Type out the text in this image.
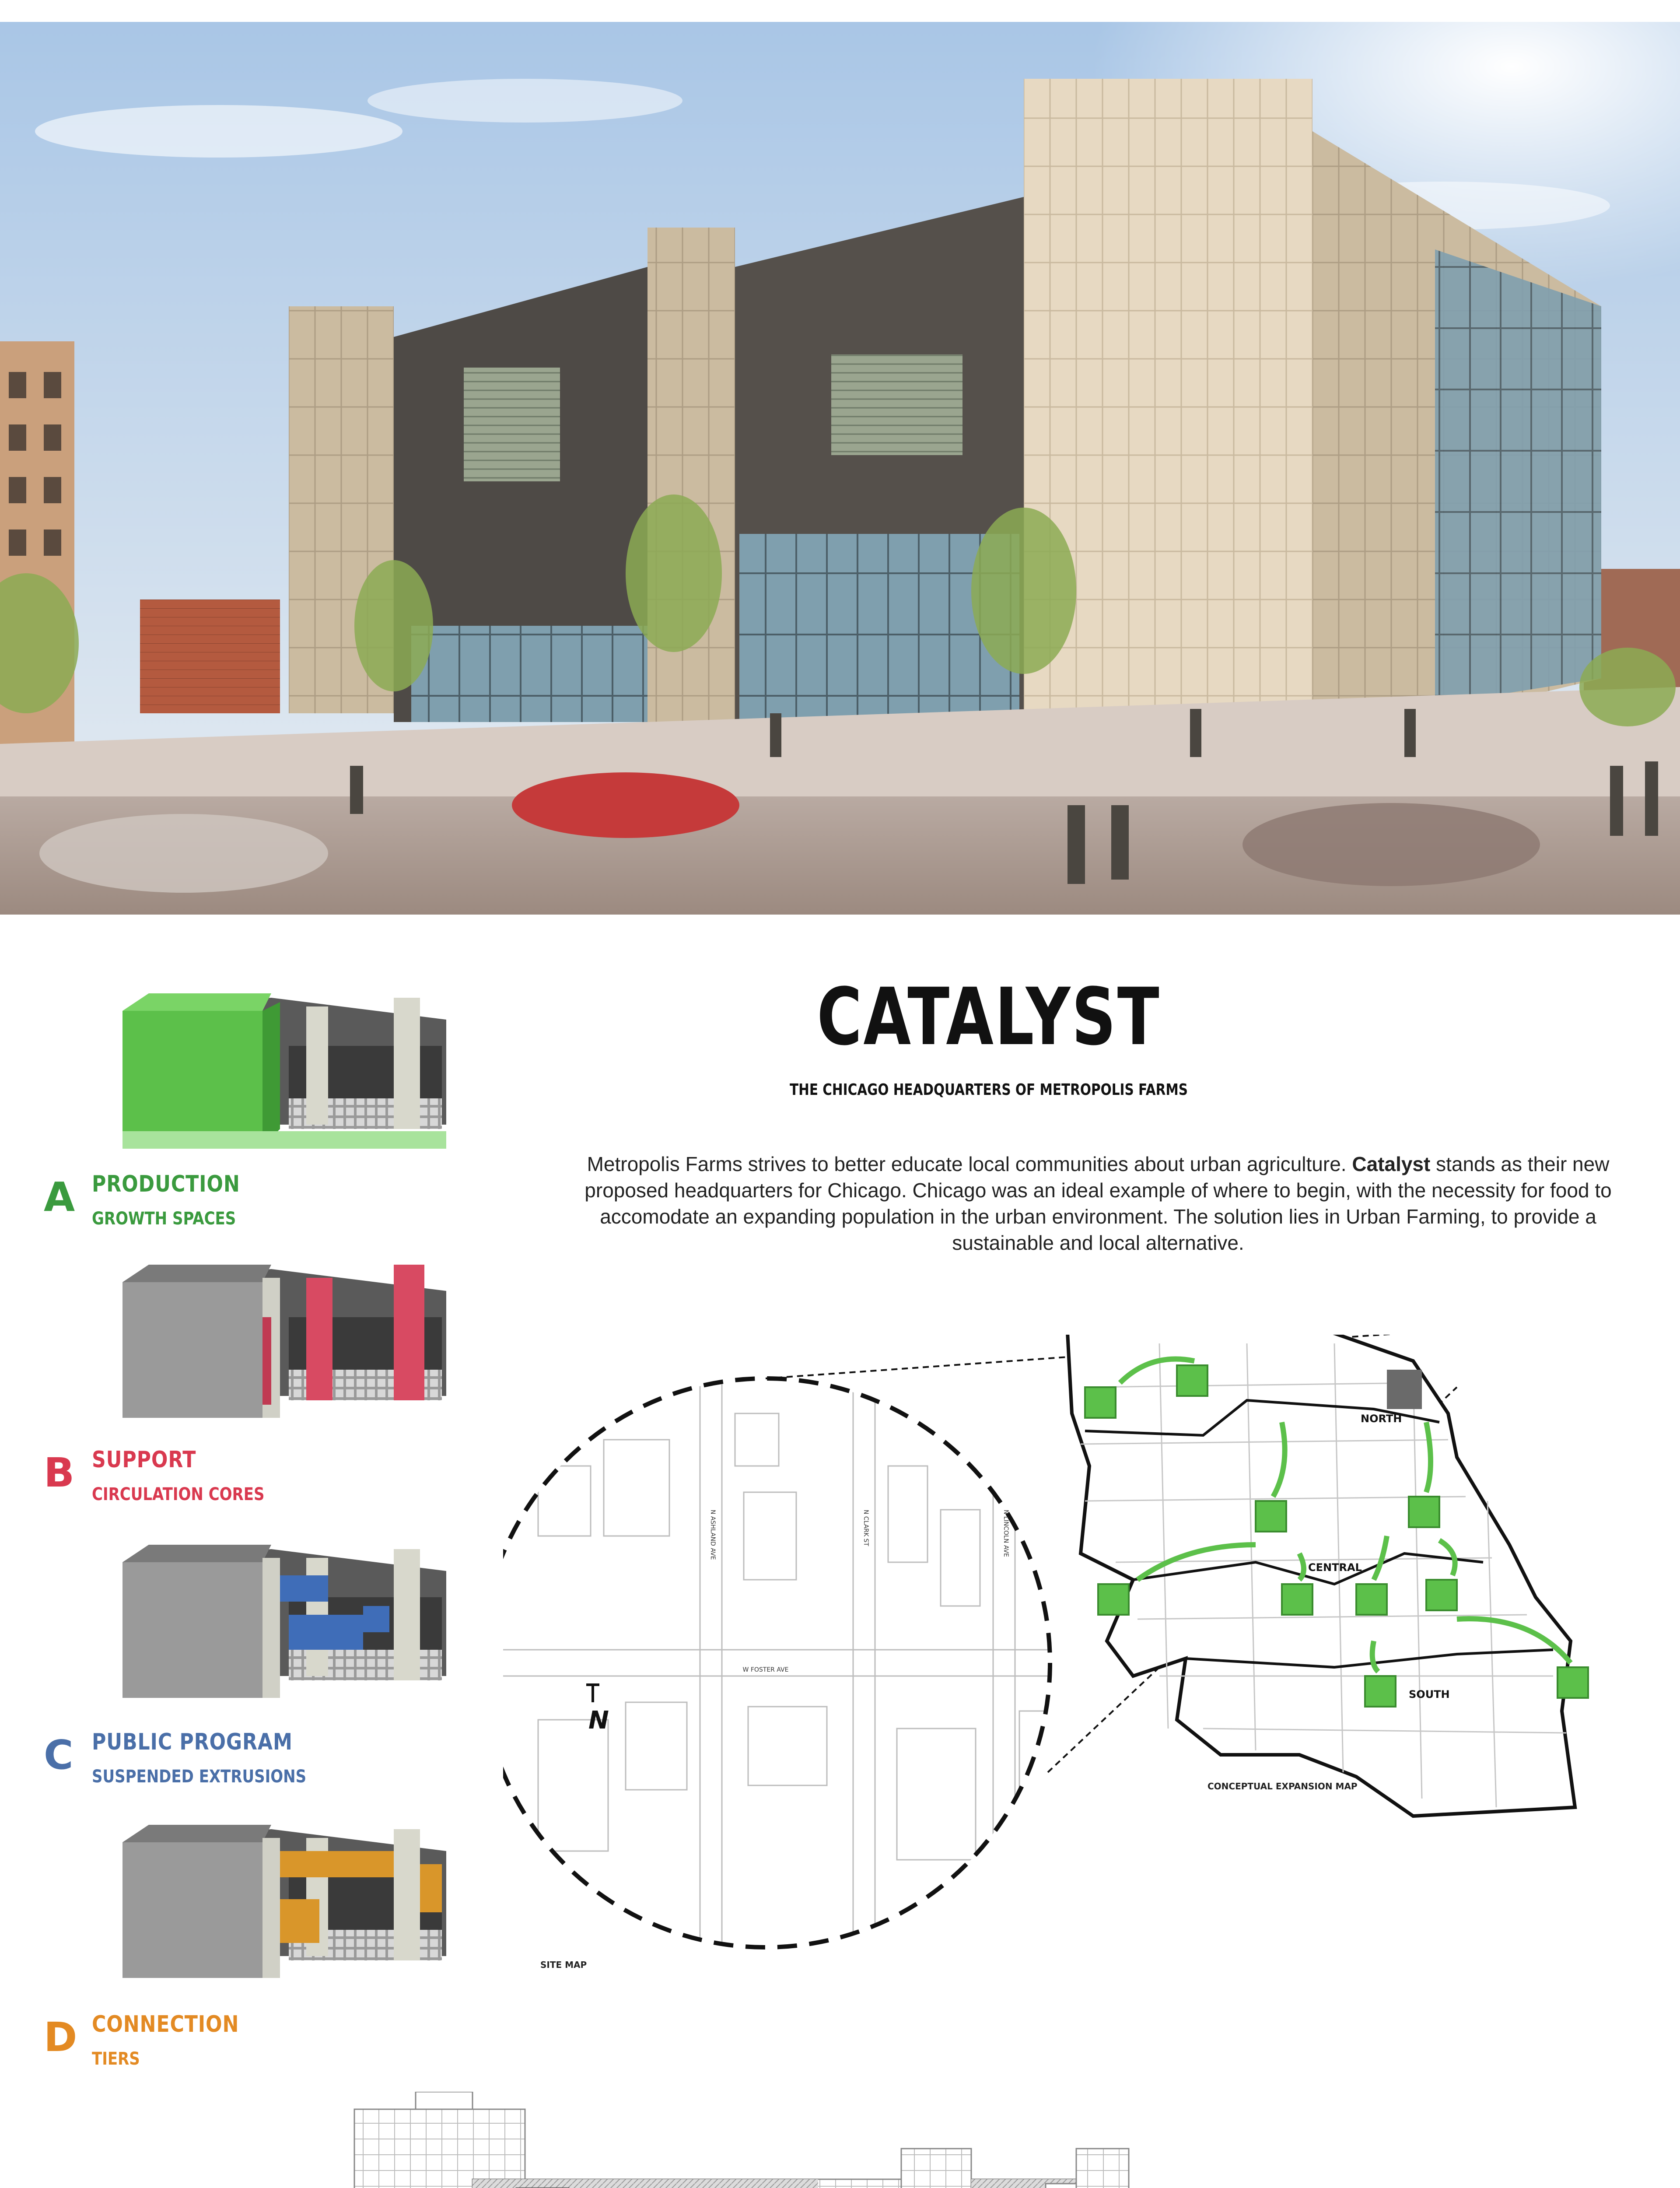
CATALYST
THE CHICAGO HEADQUARTERS OF METROPOLIS FARMS
Metropolis Farms strives to better educate local communities about urban agriculture. Catalyst stands as their new proposed headquarters for Chicago. Chicago was an ideal example of where to begin, with the necessity for food to accomodate an expanding population in the urban environment. The solution lies in Urban Farming, to provide a sustainable and local alternative.
A PRODUCTION
GROWTH SPACES
B SUPPORT
CIRCULATION CORES
C PUBLIC PROGRAM
SUSPENDED EXTRUSIONS
D CONNECTION
TIERS
W FOSTER AVE
N ASHLAND AVE	N CLARK ST	N LINCOLN AVE
N
NORTH
CENTRAL
SOUTH
SITE MAP
CONCEPTUAL EXPANSION MAP
